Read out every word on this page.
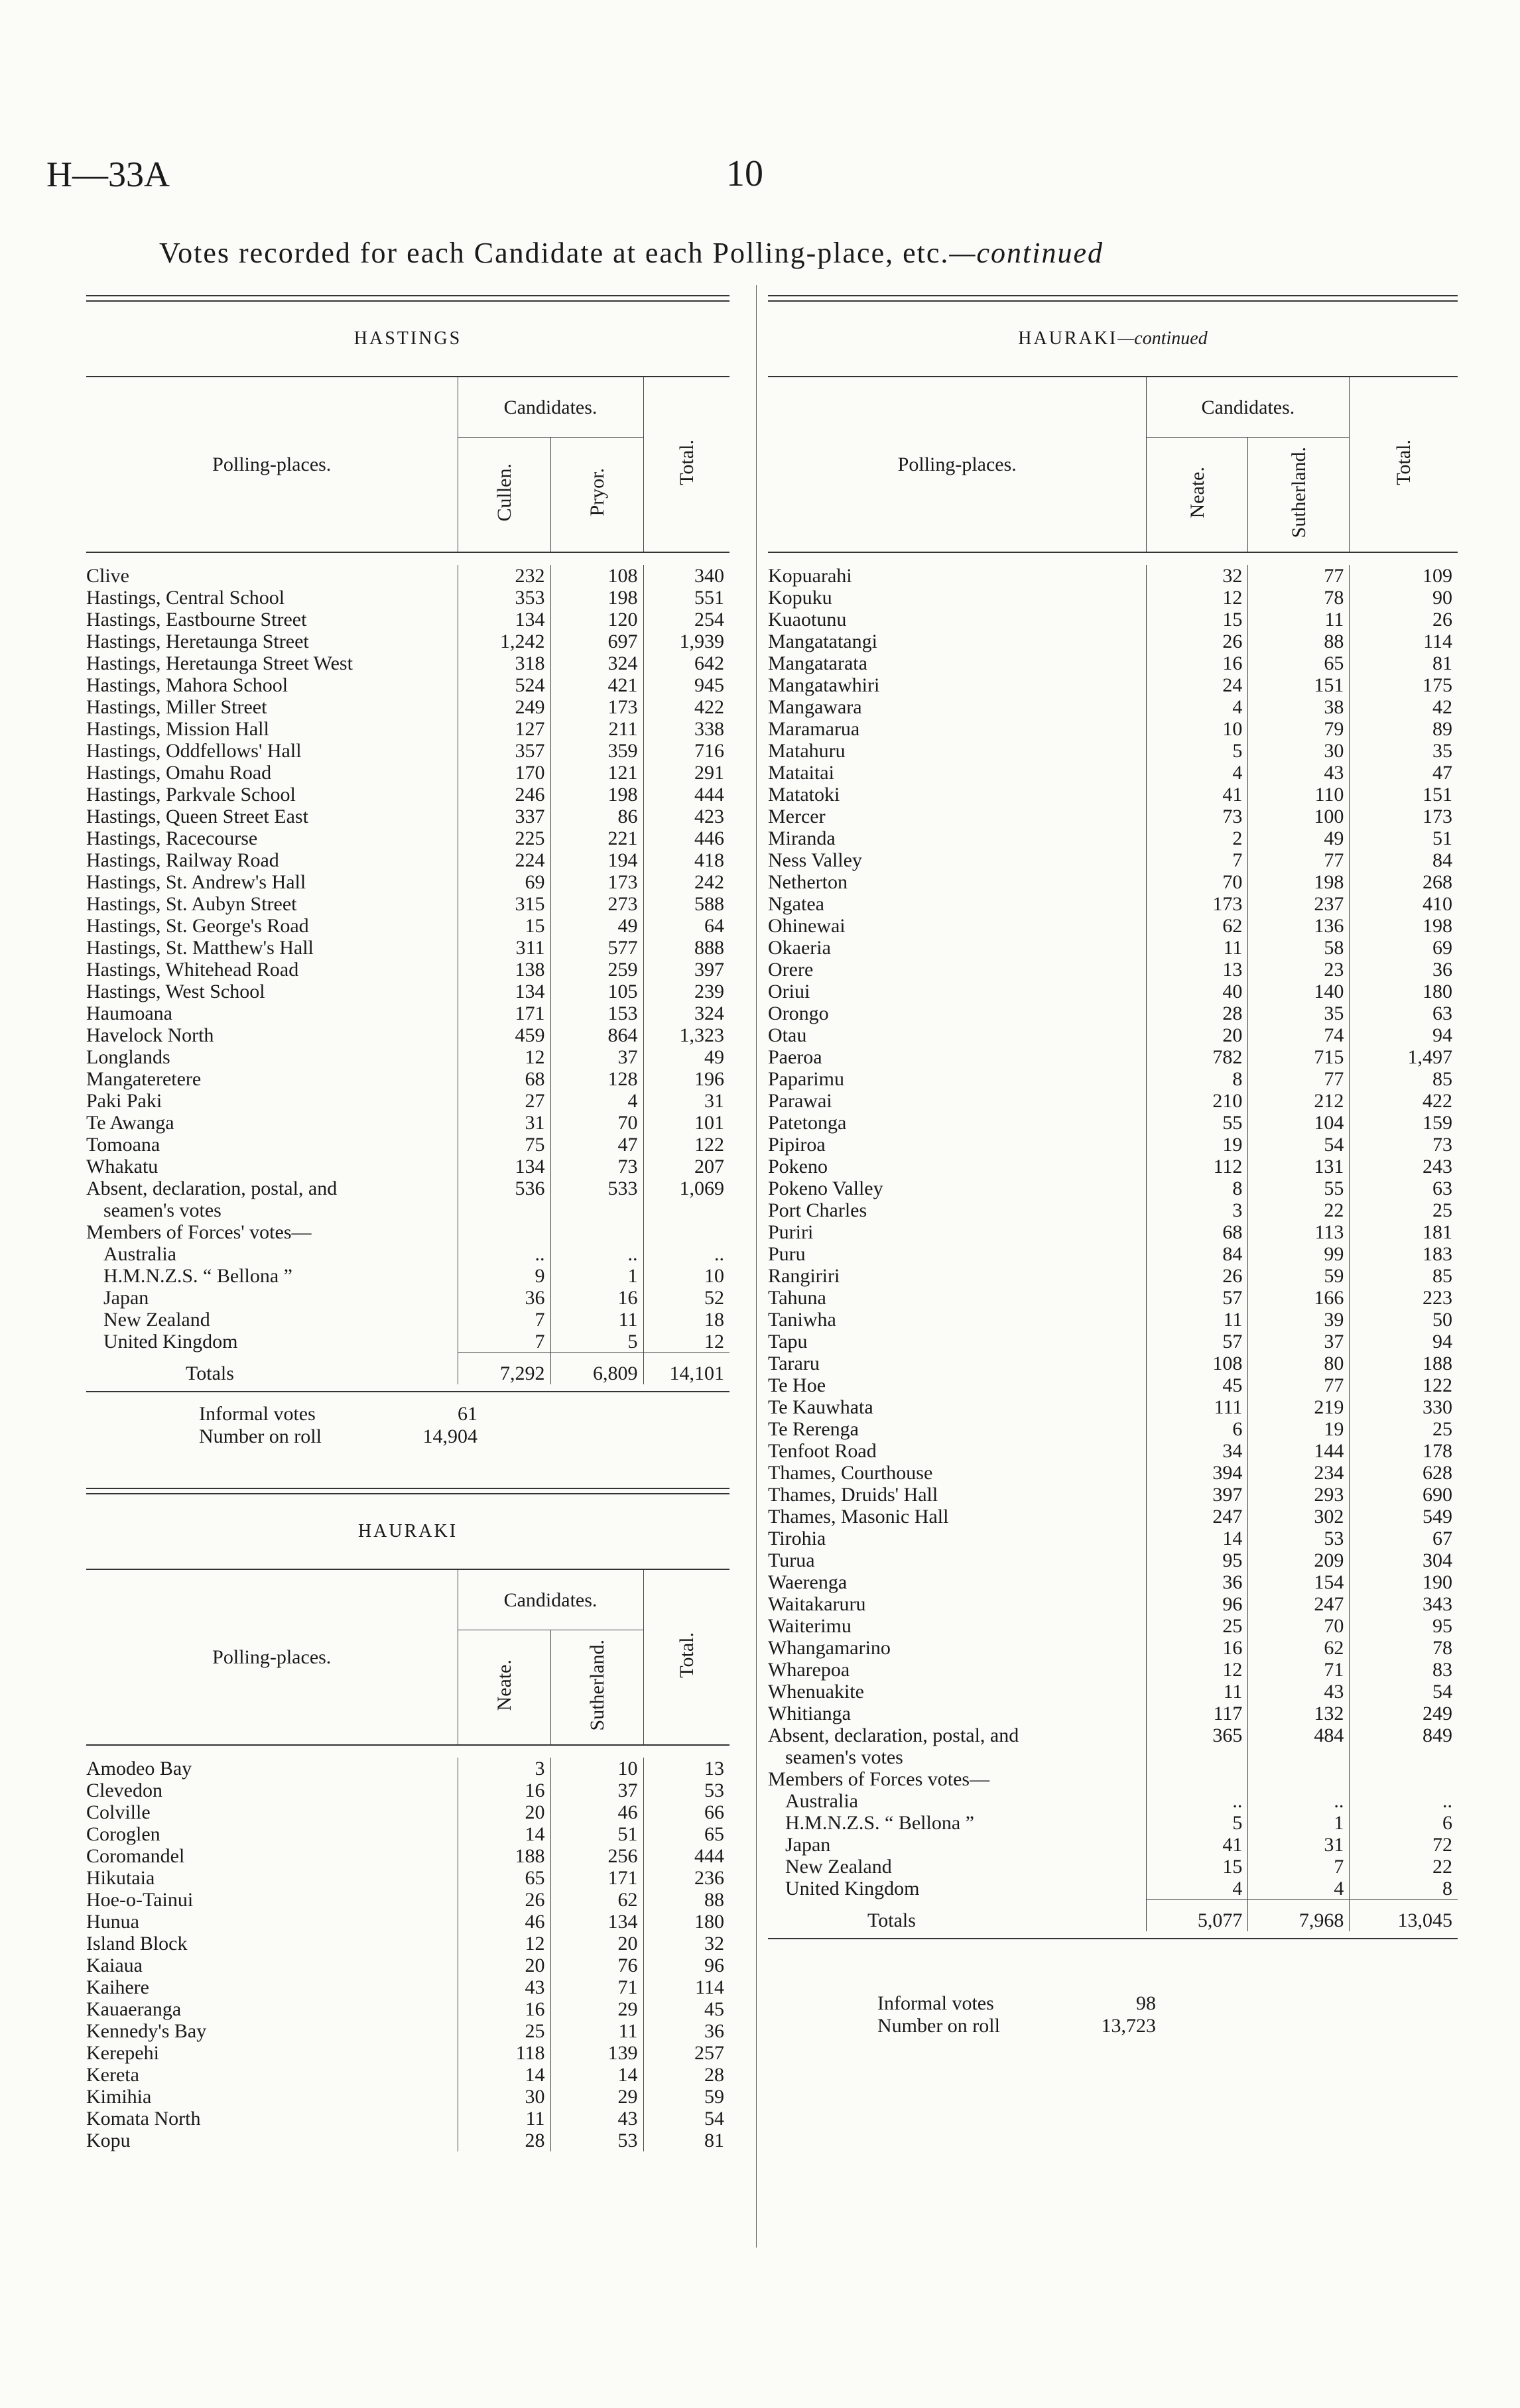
H—33A	10
Votes recorded for each Candidate at each Polling-place, etc.—continued
HASTINGS
Polling-places.	Candidates.		Total.
	Cullen.	Pryor.	

Clive	232	108	340
Hastings, Central School	353	198	551
Hastings, Eastbourne Street	134	120	254
Hastings, Heretaunga Street	1,242	697	1,939
Hastings, Heretaunga Street West	318	324	642
Hastings, Mahora School	524	421	945
Hastings, Miller Street	249	173	422
Hastings, Mission Hall	127	211	338
Hastings, Oddfellows' Hall	357	359	716
Hastings, Omahu Road	170	121	291
Hastings, Parkvale School	246	198	444
Hastings, Queen Street East	337	86	423
Hastings, Racecourse	225	221	446
Hastings, Railway Road	224	194	418
Hastings, St. Andrew's Hall	69	173	242
Hastings, St. Aubyn Street	315	273	588
Hastings, St. George's Road	15	49	64
Hastings, St. Matthew's Hall	311	577	888
Hastings, Whitehead Road	138	259	397
Hastings, West School	134	105	239
Haumoana	171	153	324
Havelock North	459	864	1,323
Longlands	12	37	49
Mangateretere	68	128	196
Paki Paki	27	4	31
Te Awanga	31	70	101
Tomoana	75	47	122
Whakatu	134	73	207
Absent, declaration, postal, and	536	533	1,069
seamen's votes			
Members of Forces' votes—			
Australia	..	..	..
H.M.N.Z.S. “ Bellona ”	9	1	10
Japan	36	16	52
New Zealand	7	11	18
United Kingdom	7	5	12
Totals	7,292	6,809	14,101
Informal votes	61
Number on roll	14,904
HAURAKI
Polling-places.	Candidates.		Total.
	Neate.	Sutherland.	

Amodeo Bay	3	10	13
Clevedon	16	37	53
Colville	20	46	66
Coroglen	14	51	65
Coromandel	188	256	444
Hikutaia	65	171	236
Hoe-o-Tainui	26	62	88
Hunua	46	134	180
Island Block	12	20	32
Kaiaua	20	76	96
Kaihere	43	71	114
Kauaeranga	16	29	45
Kennedy's Bay	25	11	36
Kerepehi	118	139	257
Kereta	14	14	28
Kimihia	30	29	59
Komata North	11	43	54
Kopu	28	53	81
HAURAKI—continued
Polling-places.	Candidates.		Total.
	Neate.	Sutherland.	

Kopuarahi	32	77	109
Kopuku	12	78	90
Kuaotunu	15	11	26
Mangatatangi	26	88	114
Mangatarata	16	65	81
Mangatawhiri	24	151	175
Mangawara	4	38	42
Maramarua	10	79	89
Matahuru	5	30	35
Mataitai	4	43	47
Matatoki	41	110	151
Mercer	73	100	173
Miranda	2	49	51
Ness Valley	7	77	84
Netherton	70	198	268
Ngatea	173	237	410
Ohinewai	62	136	198
Okaeria	11	58	69
Orere	13	23	36
Oriui	40	140	180
Orongo	28	35	63
Otau	20	74	94
Paeroa	782	715	1,497
Paparimu	8	77	85
Parawai	210	212	422
Patetonga	55	104	159
Pipiroa	19	54	73
Pokeno	112	131	243
Pokeno Valley	8	55	63
Port Charles	3	22	25
Puriri	68	113	181
Puru	84	99	183
Rangiriri	26	59	85
Tahuna	57	166	223
Taniwha	11	39	50
Tapu	57	37	94
Tararu	108	80	188
Te Hoe	45	77	122
Te Kauwhata	111	219	330
Te Rerenga	6	19	25
Tenfoot Road	34	144	178
Thames, Courthouse	394	234	628
Thames, Druids' Hall	397	293	690
Thames, Masonic Hall	247	302	549
Tirohia	14	53	67
Turua	95	209	304
Waerenga	36	154	190
Waitakaruru	96	247	343
Waiterimu	25	70	95
Whangamarino	16	62	78
Wharepoa	12	71	83
Whenuakite	11	43	54
Whitianga	117	132	249
Absent, declaration, postal, and	365	484	849
seamen's votes			
Members of Forces votes—			
Australia	..	..	..
H.M.N.Z.S. “ Bellona ”	5	1	6
Japan	41	31	72
New Zealand	15	7	22
United Kingdom	4	4	8
Totals	5,077	7,968	13,045
Informal votes	98
Number on roll	13,723
